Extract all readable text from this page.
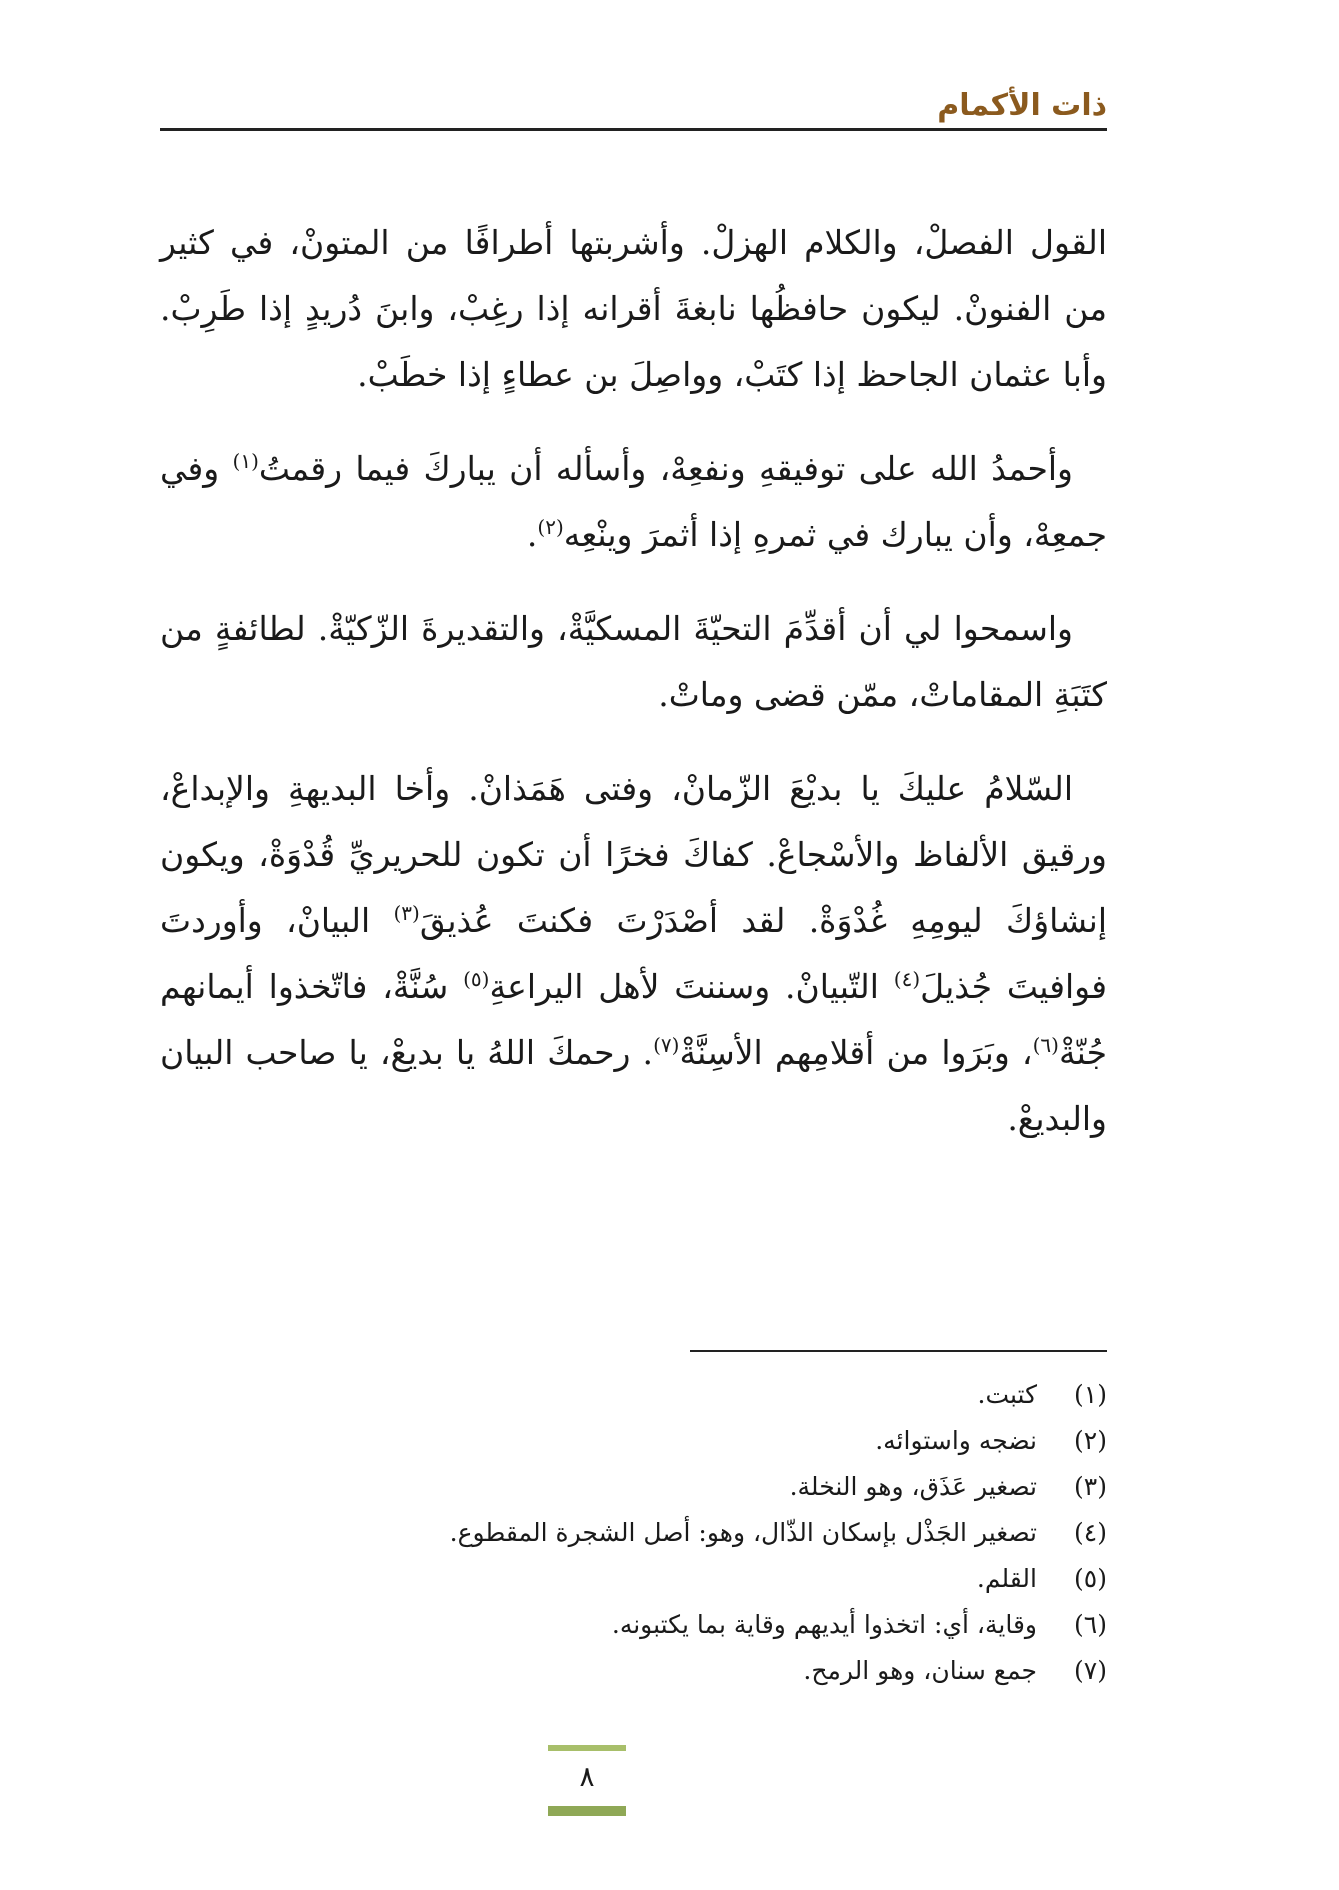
ذات الأكمام

القول الفصلْ، والكلام الهزلْ. وأشربتها أطرافًا من المتونْ، في كثير من الفنونْ. ليكون حافظُها نابغةَ أقرانه إذا رغِبْ، وابنَ دُريدٍ إذا طَرِبْ. وأبا عثمان الجاحظ إذا كتَبْ، وواصِلَ بن عطاءٍ إذا خطَبْ.

وأحمدُ الله على توفيقهِ ونفعِهْ، وأسأله أن يباركَ فيما رقمتُ$^{(١)}$ وفي جمعِهْ، وأن يبارك في ثمرهِ إذا أثمرَ وينْعِه$^{(٢)}$.

واسمحوا لي أن أقدِّمَ التحيّةَ المسكيَّةْ، والتقديرةَ الزّكيّةْ. لطائفةٍ من كتَبَةِ المقاماتْ، ممّن قضى وماتْ.

السّلامُ عليكَ يا بديْعَ الزّمانْ، وفتى هَمَذانْ. وأخا البديهةِ والإبداعْ، ورقيق الألفاظ والأسْجاعْ. كفاكَ فخرًا أن تكون للحريريِّ قُدْوَةْ، ويكون إنشاؤكَ ليومِهِ غُدْوَةْ. لقد أصْدَرْتَ فكنتَ عُذيقَ$^{(٣)}$ البيانْ، وأوردتَ فوافيتَ جُذيلَ$^{(٤)}$ التّبيانْ. وسننتَ لأهل اليراعةِ$^{(٥)}$ سُنَّةْ، فاتّخذوا أيمانهم جُنّةْ$^{(٦)}$، وبَرَوا من أقلامِهم الأسِنَّةْ$^{(٧)}$. رحمكَ اللهُ يا بديعْ، يا صاحب البيان والبديعْ.

(١)
كتبت.
(٢)
نضجه واستوائه.
(٣)
تصغير عَذَق، وهو النخلة.
(٤)
تصغير الجَذْل بإسكان الذّال، وهو: أصل الشجرة المقطوع.
(٥)
القلم.
(٦)
وقاية، أي: اتخذوا أيديهم وقاية بما يكتبونه.
(٧)
جمع سنان، وهو الرمح.
٨
